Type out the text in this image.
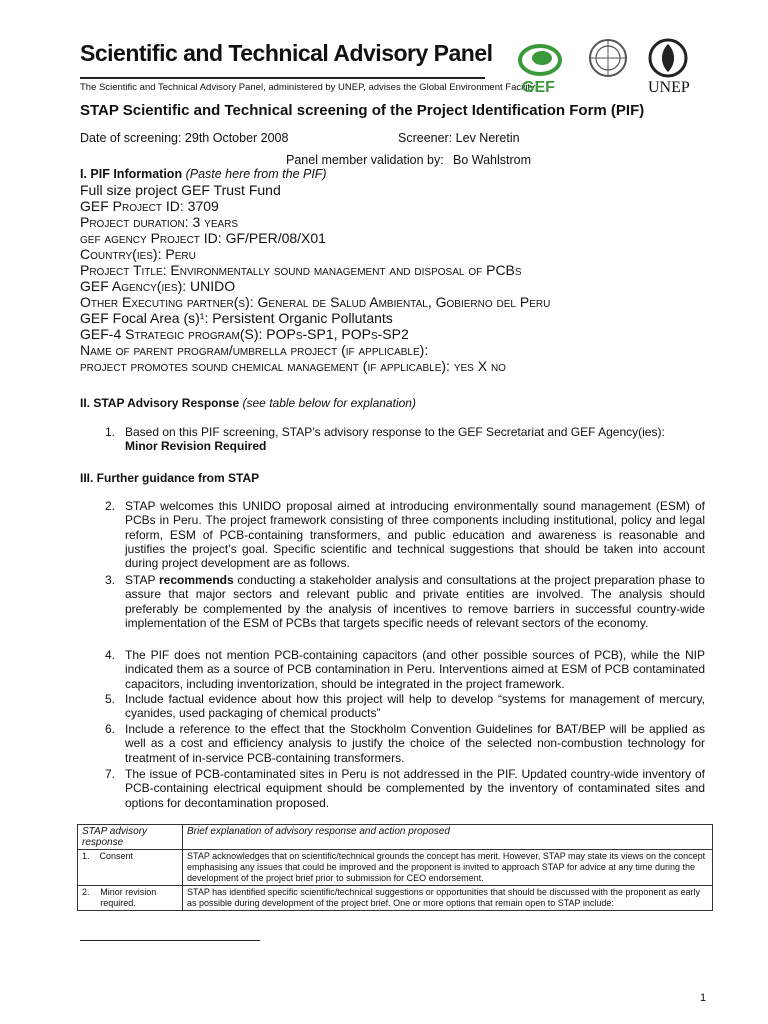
Scientific and Technical Advisory Panel
The Scientific and Technical Advisory Panel, administered by UNEP, advises the Global Environment Facility
GEF	UNEP
STAP Scientific and Technical screening of the Project Identification Form (PIF)
Date of screening: 29th October 2008	Screener: Lev Neretin
Panel member validation by: Bo Wahlstrom
I. PIF Information (Paste here from the PIF)
Full size project GEF Trust Fund
GEF Project ID: 3709
Project duration: 3 years
gef agency Project ID: GF/PER/08/X01
Country(ies): Peru
Project Title: Environmentally sound management and disposal of PCBs
GEF Agency(ies): UNIDO
Other Executing partner(s): General de Salud Ambiental, Gobierno del Peru
GEF Focal Area (s)¹: Persistent Organic Pollutants
GEF-4 Strategic program(S): POPs-SP1, POPs-SP2
Name of parent program/umbrella project (if applicable):
project promotes sound chemical management (if applicable): yes X no
II. STAP Advisory Response (see table below for explanation)
1. Based on this PIF screening, STAP’s advisory response to the GEF Secretariat and GEF Agency(ies):
Minor Revision Required
III. Further guidance from STAP
2. STAP welcomes this UNIDO proposal aimed at introducing environmentally sound management (ESM) of PCBs in Peru. The project framework consisting of three components including institutional, policy and legal reform, ESM of PCB-containing transformers, and public education and awareness is reasonable and justifies the project’s goal. Specific scientific and technical suggestions that should be taken into account during project development are as follows.
3. STAP recommends conducting a stakeholder analysis and consultations at the project preparation phase to assure that major sectors and relevant public and private entities are involved. The analysis should preferably be complemented by the analysis of incentives to remove barriers in successful country-wide implementation of the ESM of PCBs that targets specific needs of relevant sectors of the economy.
4. The PIF does not mention PCB-containing capacitors (and other possible sources of PCB), while the NIP indicated them as a source of PCB contamination in Peru. Interventions aimed at ESM of PCB contaminated capacitors, including inventorization, should be integrated in the project framework.
5. Include factual evidence about how this project will help to develop “systems for management of mercury, cyanides, used packaging of chemical products”
6. Include a reference to the effect that the Stockholm Convention Guidelines for BAT/BEP will be applied as well as a cost and efficiency analysis to justify the choice of the selected non-combustion technology for treatment of in-service PCB-containing transformers.
7. The issue of PCB-contaminated sites in Peru is not addressed in the PIF. Updated country-wide inventory of PCB-containing electrical equipment should be complemented by the inventory of contaminated sites and options for decontamination proposed.
STAP advisory response	Brief explanation of advisory response and action proposed
1. Consent	STAP acknowledges that on scientific/technical grounds the concept has merit. However, STAP may state its views on the concept emphasising any issues that could be improved and the proponent is invited to approach STAP for advice at any time during the development of the project brief prior to submission for CEO endorsement.

2. Minor revision required.	STAP has identified specific scientific/technical suggestions or opportunities that should be discussed with the proponent as early as possible during development of the project brief. One or more options that remain open to STAP include:
1
